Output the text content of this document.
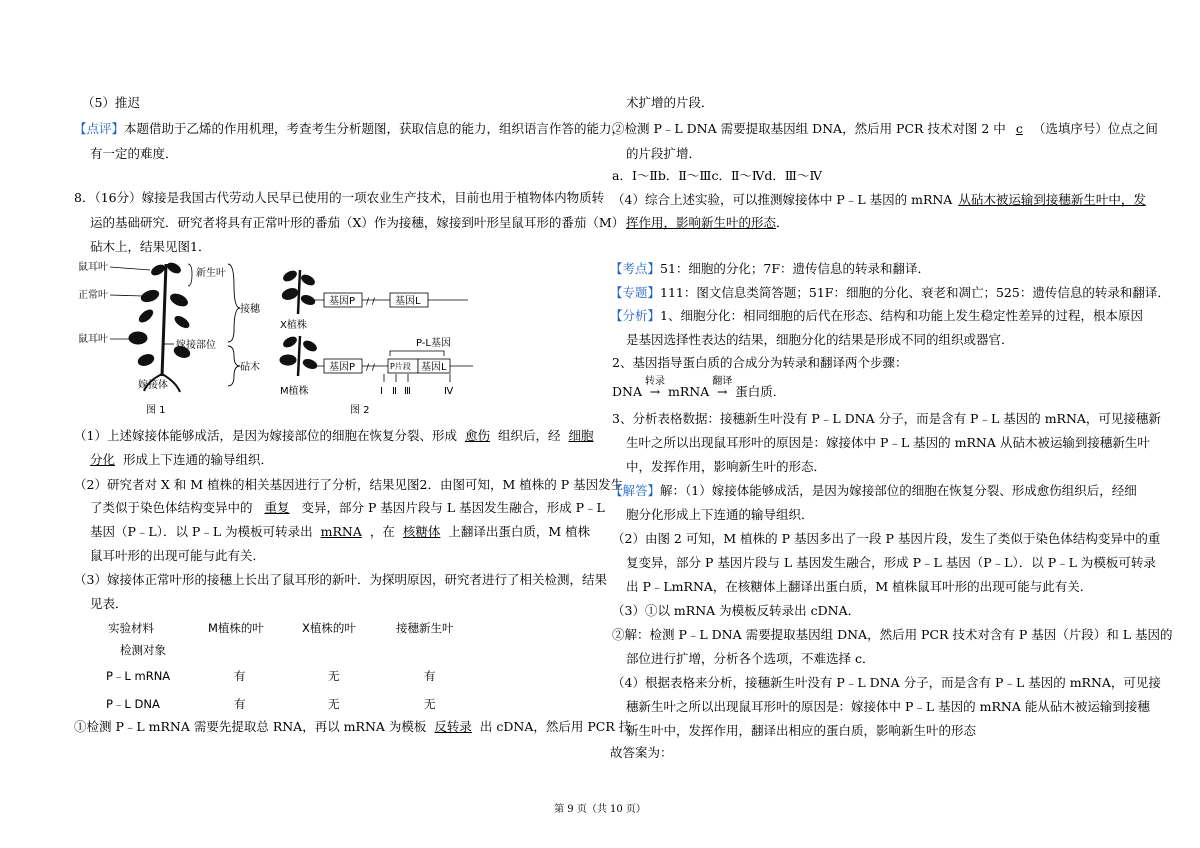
（5）推迟
【点评】本题借助于乙烯的作用机理，考查考生分析题图，获取信息的能力，组织语言作答的能力，
有一定的难度．
8．（16分）嫁接是我国古代劳动人民早已使用的一项农业生产技术，目前也用于植物体内物质转
运的基础研究．研究者将具有正常叶形的番茄（X）作为接穗，嫁接到叶形呈鼠耳形的番茄（M）
砧木上，结果见图1．
鼠耳叶
正常叶
鼠耳叶
新生叶
嫁接部位
接穗
砧木
嫁接体
图 1
X植株
M植株
基因P / / 基因L
基因P / /
P-L基因
P片段 基因L
Ⅰ Ⅱ Ⅲ	Ⅳ
图 2
（1）上述嫁接体能够成活，是因为嫁接部位的细胞在恢复分裂、形成 愈伤 组织后，经 细胞
分化 形成上下连通的输导组织．
（2）研究者对 X 和 M 植株的相关基因进行了分析，结果见图2．由图可知，M 植株的 P 基因发生
了类似于染色体结构变异中的 重复 变异，部分 P 基因片段与 L 基因发生融合，形成 P﹣L
基因（P﹣L）．以 P﹣L 为模板可转录出 mRNA ，在 核糖体 上翻译出蛋白质，M 植株
鼠耳叶形的出现可能与此有关．
（3）嫁接体正常叶形的接穗上长出了鼠耳形的新叶．为探明原因，研究者进行了相关检测，结果
见表．
实验材料
检测对象
M植株的叶	X植株的叶	接穗新生叶
P﹣L mRNA	有	无	有
P﹣L DNA	有	无	无
①检测 P﹣L mRNA 需要先提取总 RNA，再以 mRNA 为模板 反转录 出 cDNA，然后用 PCR 技
术扩增的片段．
②检测 P﹣L DNA 需要提取基因组 DNA，然后用 PCR 技术对图 2 中 c （选填序号）位点之间
的片段扩增．
a．Ⅰ～Ⅱb．Ⅱ～Ⅲc．Ⅱ～Ⅳd．Ⅲ～Ⅳ
（4）综合上述实验，可以推测嫁接体中 P﹣L 基因的 mRNA 从砧木被运输到接穗新生叶中，发
挥作用，影响新生叶的形态．
【考点】51：细胞的分化；7F：遗传信息的转录和翻译．
【专题】111：图文信息类简答题；51F：细胞的分化、衰老和凋亡；525：遗传信息的转录和翻译．
【分析】1、细胞分化：相同细胞的后代在形态、结构和功能上发生稳定性差异的过程，根本原因
是基因选择性表达的结果，细胞分化的结果是形成不同的组织或器官．
2、基因指导蛋白质的合成分为转录和翻译两个步骤：
DNA
转录
→ mRNA
翻译
→ 蛋白质．
3、分析表格数据：接穗新生叶没有 P﹣L DNA 分子，而是含有 P﹣L 基因的 mRNA，可见接穗新
生叶之所以出现鼠耳形叶的原因是：嫁接体中 P﹣L 基因的 mRNA 从砧木被运输到接穗新生叶
中，发挥作用，影响新生叶的形态．
【解答】解：（1）嫁接体能够成活，是因为嫁接部位的细胞在恢复分裂、形成愈伤组织后，经细
胞分化形成上下连通的输导组织．
（2）由图 2 可知，M 植株的 P 基因多出了一段 P 基因片段，发生了类似于染色体结构变异中的重
复变异，部分 P 基因片段与 L 基因发生融合，形成 P﹣L 基因（P﹣L）．以 P﹣L 为模板可转录
出 P﹣LmRNA，在核糖体上翻译出蛋白质，M 植株鼠耳叶形的出现可能与此有关．
（3）①以 mRNA 为模板反转录出 cDNA．
②解：检测 P﹣L DNA 需要提取基因组 DNA，然后用 PCR 技术对含有 P 基因（片段）和 L 基因的
部位进行扩增，分析各个选项，不难选择 c．
（4）根据表格来分析，接穗新生叶没有 P﹣L DNA 分子，而是含有 P﹣L 基因的 mRNA，可见接
穗新生叶之所以出现鼠耳形叶的原因是：嫁接体中 P﹣L 基因的 mRNA 能从砧木被运输到接穗
新生叶中，发挥作用，翻译出相应的蛋白质，影响新生叶的形态
故答案为：
第 9 页（共 10 页）
